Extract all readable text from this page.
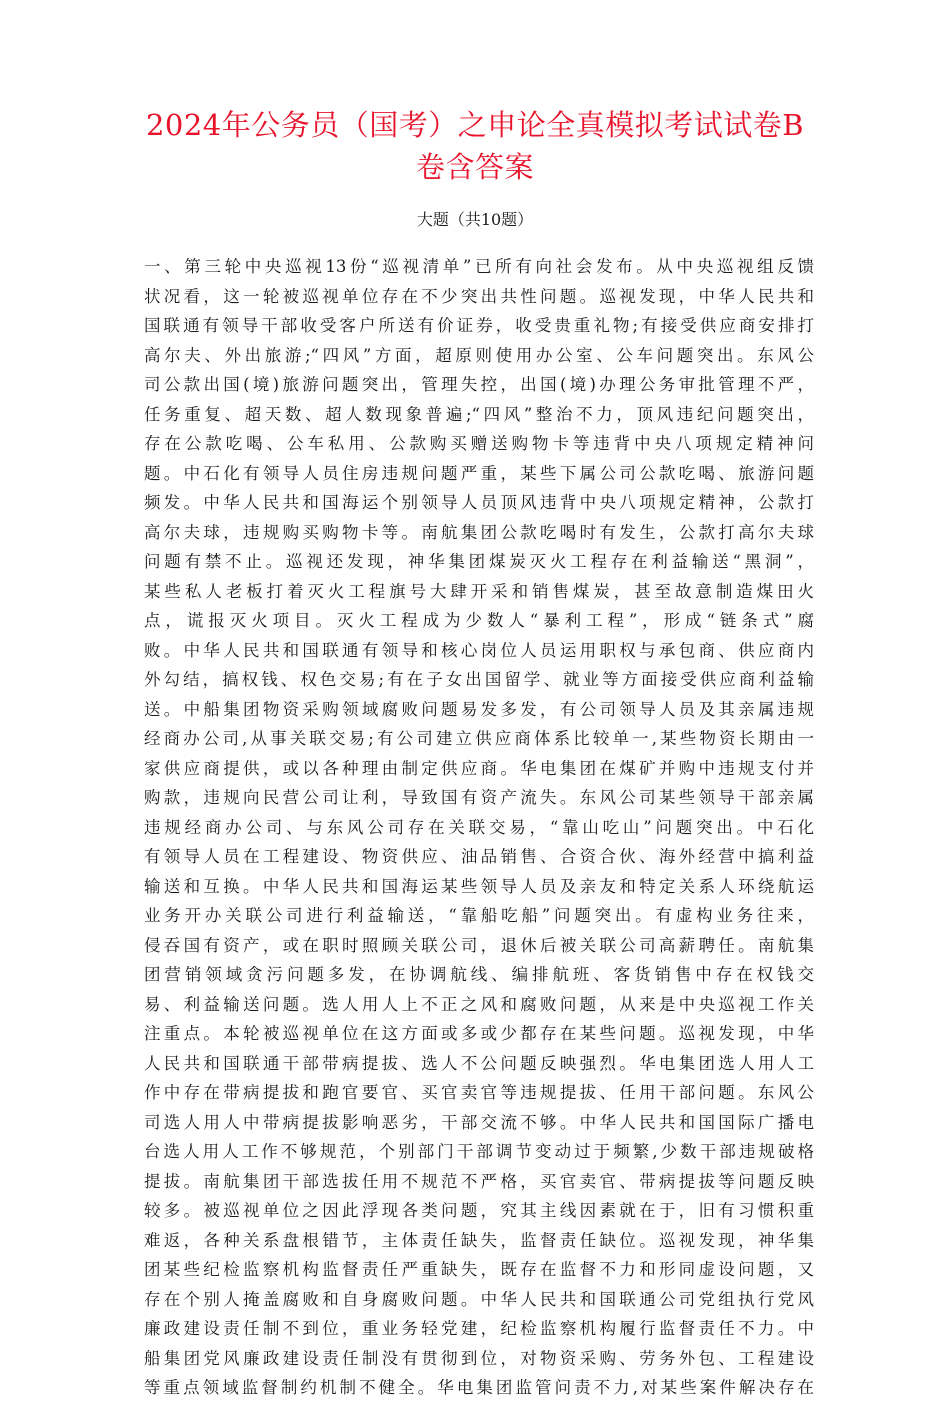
2024年公务员（国考）之申论全真模拟考试试卷B
卷含答案
大题（共10题）
一、第三轮中央巡视13份“巡视清单”已所有向社会发布。从中央巡视组反馈
状况看，这一轮被巡视单位存在不少突出共性问题。巡视发现，中华人民共和
国联通有领导干部收受客户所送有价证券，收受贵重礼物;有接受供应商安排打
高尔夫、外出旅游;“四风”方面，超原则使用办公室、公车问题突出。东风公
司公款出国(境)旅游问题突出，管理失控，出国(境)办理公务审批管理不严，
任务重复、超天数、超人数现象普遍;“四风”整治不力，顶风违纪问题突出，
存在公款吃喝、公车私用、公款购买赠送购物卡等违背中央八项规定精神问
题。中石化有领导人员住房违规问题严重，某些下属公司公款吃喝、旅游问题
频发。中华人民共和国海运个别领导人员顶风违背中央八项规定精神，公款打
高尔夫球，违规购买购物卡等。南航集团公款吃喝时有发生，公款打高尔夫球
问题有禁不止。巡视还发现，神华集团煤炭灭火工程存在利益输送“黑洞”，
某些私人老板打着灭火工程旗号大肆开采和销售煤炭，甚至故意制造煤田火
点，谎报灭火项目。灭火工程成为少数人“暴利工程”，形成“链条式”腐
败。中华人民共和国联通有领导和核心岗位人员运用职权与承包商、供应商内
外勾结，搞权钱、权色交易;有在子女出国留学、就业等方面接受供应商利益输
送。中船集团物资采购领域腐败问题易发多发，有公司领导人员及其亲属违规
经商办公司,从事关联交易;有公司建立供应商体系比较单一,某些物资长期由一
家供应商提供，或以各种理由制定供应商。华电集团在煤矿并购中违规支付并
购款，违规向民营公司让利，导致国有资产流失。东风公司某些领导干部亲属
违规经商办公司、与东风公司存在关联交易，“靠山吃山”问题突出。中石化
有领导人员在工程建设、物资供应、油品销售、合资合伙、海外经营中搞利益
输送和互换。中华人民共和国海运某些领导人员及亲友和特定关系人环绕航运
业务开办关联公司进行利益输送，“靠船吃船”问题突出。有虚构业务往来，
侵吞国有资产，或在职时照顾关联公司，退休后被关联公司高薪聘任。南航集
团营销领域贪污问题多发，在协调航线、编排航班、客货销售中存在权钱交
易、利益输送问题。选人用人上不正之风和腐败问题，从来是中央巡视工作关
注重点。本轮被巡视单位在这方面或多或少都存在某些问题。巡视发现，中华
人民共和国联通干部带病提拔、选人不公问题反映强烈。华电集团选人用人工
作中存在带病提拔和跑官要官、买官卖官等违规提拔、任用干部问题。东风公
司选人用人中带病提拔影响恶劣，干部交流不够。中华人民共和国国际广播电
台选人用人工作不够规范，个别部门干部调节变动过于频繁,少数干部违规破格
提拔。南航集团干部选拔任用不规范不严格，买官卖官、带病提拔等问题反映
较多。被巡视单位之因此浮现各类问题，究其主线因素就在于，旧有习惯积重
难返，各种关系盘根错节，主体责任缺失，监督责任缺位。巡视发现，神华集
团某些纪检监察机构监督责任严重缺失，既存在监督不力和形同虚设问题，又
存在个别人掩盖腐败和自身腐败问题。中华人民共和国联通公司党组执行党风
廉政建设责任制不到位，重业务轻党建，纪检监察机构履行监督责任不力。中
船集团党风廉政建设责任制没有贯彻到位，对物资采购、劳务外包、工程建设
等重点领域监督制约机制不健全。华电集团监管问责不力,对某些案件解决存在
